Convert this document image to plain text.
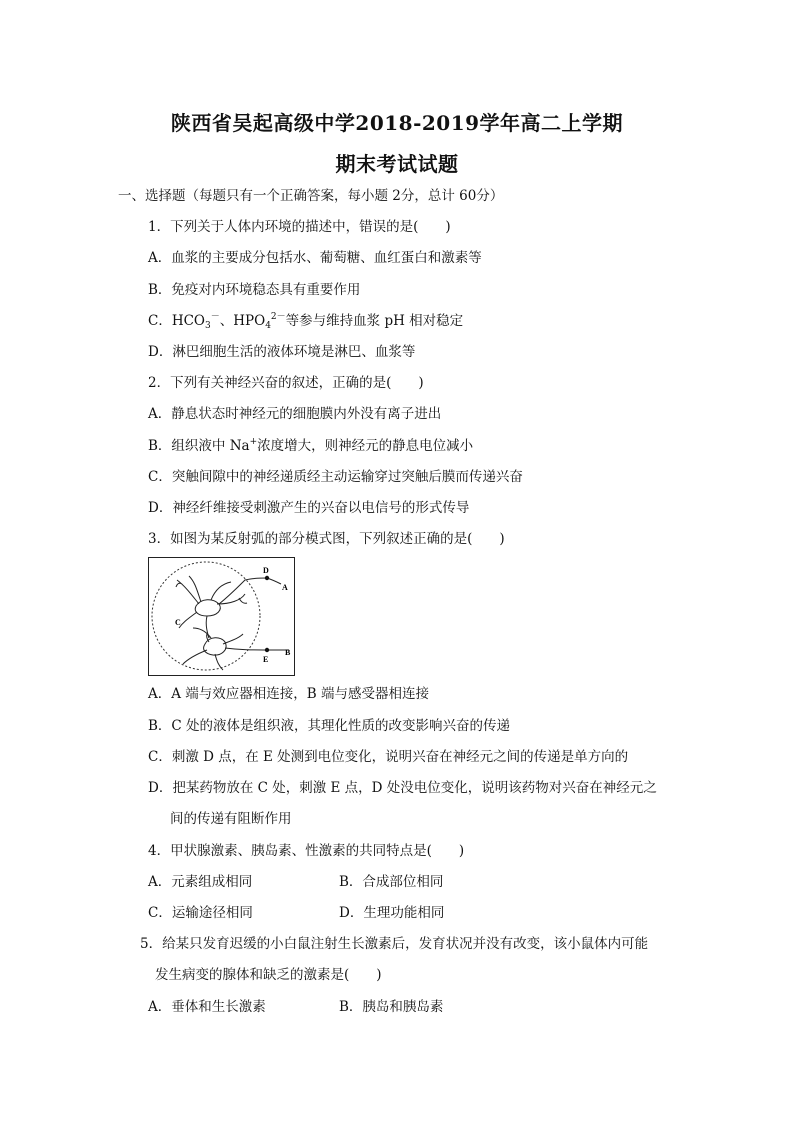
陕西省吴起高级中学2018-2019学年高二上学期
期末考试试题
一、选择题（每题只有一个正确答案，每小题 2分，总计 60分）
1．下列关于人体内环境的描述中，错误的是(　　)
A．血浆的主要成分包括水、葡萄糖、血红蛋白和激素等
B．免疫对内环境稳态具有重要作用
C．$HCO_3^-$、$HPO_4^{2-}$等参与维持血浆 pH 相对稳定
D．淋巴细胞生活的液体环境是淋巴、血浆等
2．下列有关神经兴奋的叙述，正确的是(　　)
A．静息状态时神经元的细胞膜内外没有离子进出
B．组织液中 Na+浓度增大，则神经元的静息电位减小
C．突触间隙中的神经递质经主动运输穿过突触后膜而传递兴奋
D．神经纤维接受刺激产生的兴奋以电信号的形式传导
3．如图为某反射弧的部分模式图，下列叙述正确的是(　　)
D
A
C
B
E
A．A 端与效应器相连接，B 端与感受器相连接
B．C 处的液体是组织液，其理化性质的改变影响兴奋的传递
C．刺激 D 点，在 E 处测到电位变化，说明兴奋在神经元之间的传递是单方向的
D．把某药物放在 C 处，刺激 E 点，D 处没电位变化，说明该药物对兴奋在神经元之
间的传递有阻断作用
4．甲状腺激素、胰岛素、性激素的共同特点是(　　)
A．元素组成相同	B．合成部位相同
C．运输途径相同	D．生理功能相同
5．给某只发育迟缓的小白鼠注射生长激素后，发育状况并没有改变，该小鼠体内可能
发生病变的腺体和缺乏的激素是(　　)
A．垂体和生长激素	B．胰岛和胰岛素
